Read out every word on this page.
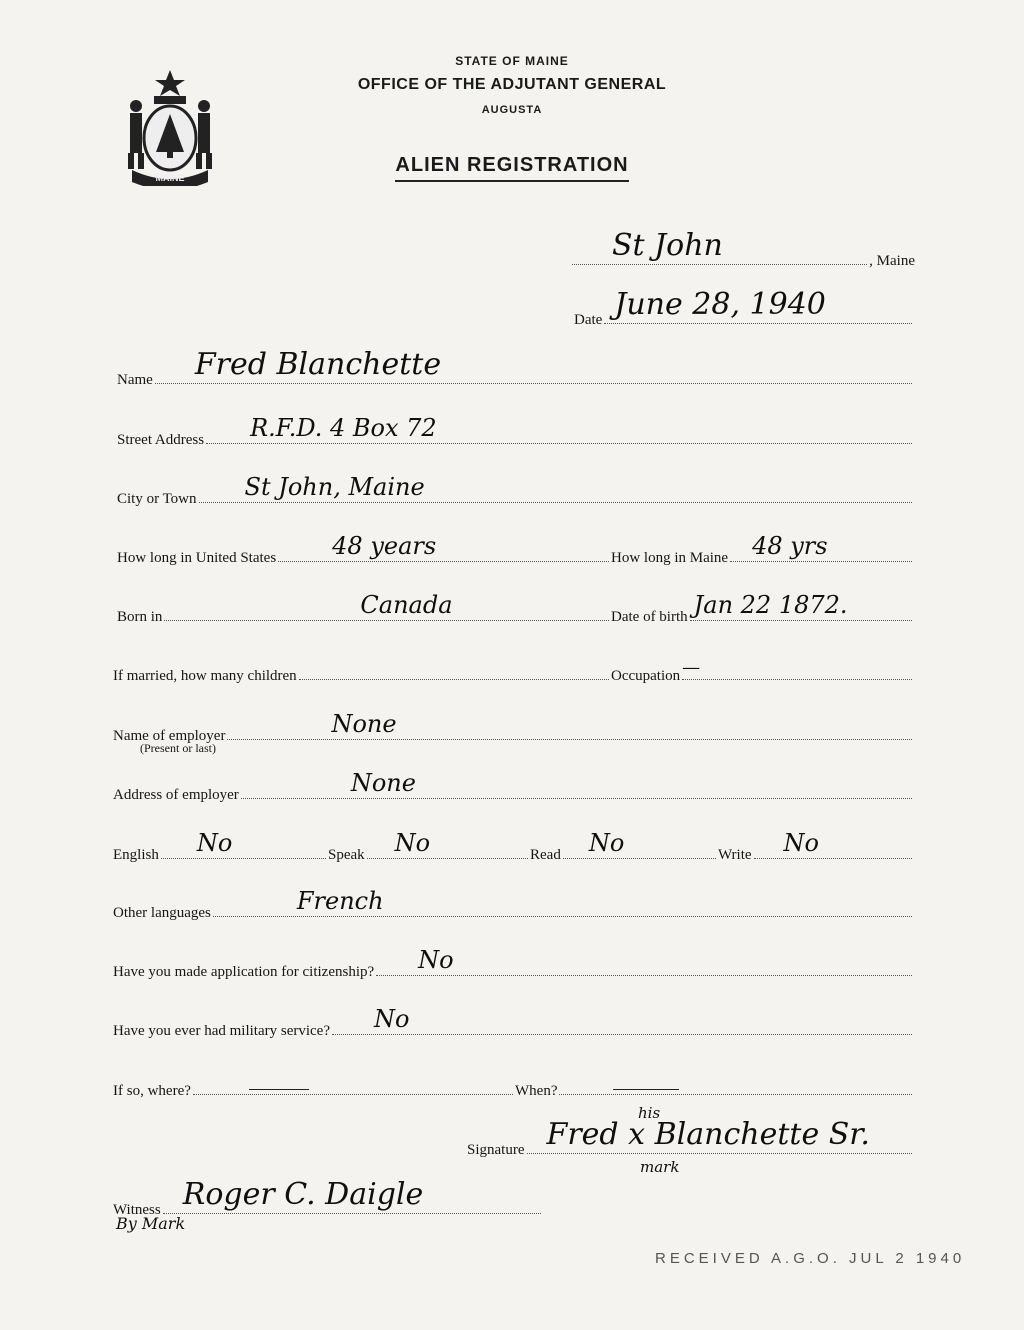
MAINE
STATE OF MAINE
OFFICE OF THE ADJUTANT GENERAL
AUGUSTA
ALIEN REGISTRATION
St John	, Maine
Date June 28, 1940
Name Fred Blanchette
Street Address R.F.D. 4 Box 72
City or Town St John, Maine
How long in United States 48 years	How long in Maine 48 yrs
Born in	Canada	Date of birth Jan 22 1872.
If married, how many children	Occupation —
Name of employer	None
(Present or last)
Address of employer	None
English No	Speak No	Read No	Write No
Other languages	French
Have you made application for citizenship? No
Have you ever had military service? No
If so, where?	When?
his
Signature Fred x Blanchette Sr.
mark
Witness Roger C. Daigle
By Mark
RECEIVED A.G.O. JUL 2 1940
